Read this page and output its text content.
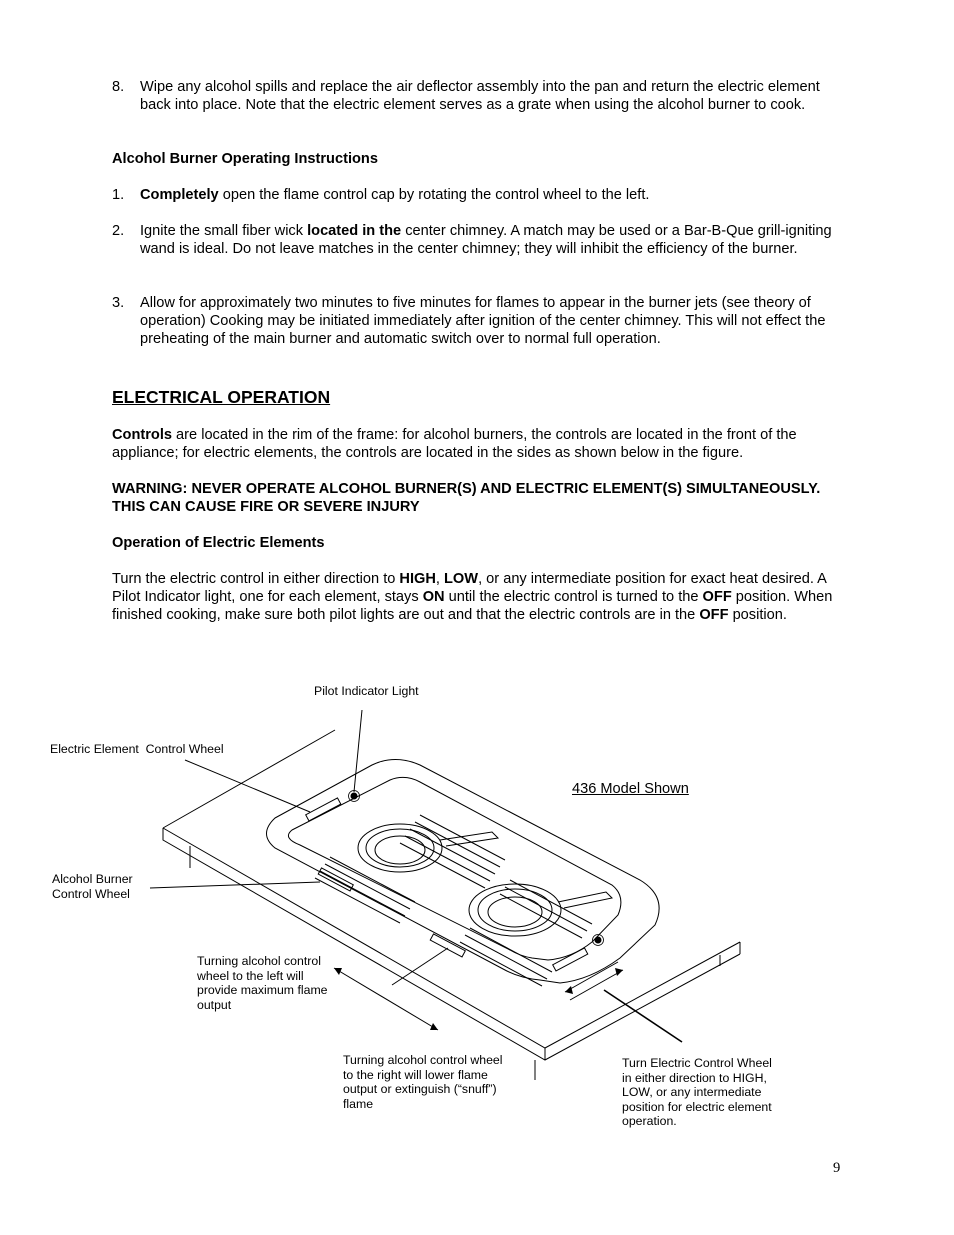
8.	Wipe any alcohol spills and replace the air deflector assembly into the pan and return the electric element back into place. Note that the electric element serves as a grate when using the alcohol burner to cook.
Alcohol Burner Operating Instructions
1.	Completely open the flame control cap by rotating the control wheel to the left.
2.	Ignite the small fiber wick located in the center chimney. A match may be used or a Bar-B-Que grill-igniting wand is ideal. Do not leave matches in the center chimney; they will inhibit the efficiency of the burner.
3.	Allow for approximately two minutes to five minutes for flames to appear in the burner jets (see theory of operation) Cooking may be initiated immediately after ignition of the center chimney. This will not effect the preheating of the main burner and automatic switch over to normal full operation.
ELECTRICAL OPERATION
Controls are located in the rim of the frame: for alcohol burners, the controls are located in the front of the appliance; for electric elements, the controls are located in the sides as shown below in the figure.
WARNING: NEVER OPERATE ALCOHOL BURNER(S) AND ELECTRIC ELEMENT(S) SIMULTANEOUSLY. THIS CAN CAUSE FIRE OR SEVERE INJURY
Operation of Electric Elements
Turn the electric control in either direction to HIGH, LOW, or any intermediate position for exact heat desired. A Pilot Indicator light, one for each element, stays ON until the electric control is turned to the OFF position. When finished cooking, make sure both pilot lights are out and that the electric controls are in the OFF position.
Pilot Indicator Light
Electric Element  Control Wheel
Alcohol Burner
Control Wheel
436 Model Shown
Turning alcohol control
wheel to the left will
provide maximum flame
output
Turning alcohol control wheel
to the right will lower flame
output or extinguish (“snuff”)
flame
Turn Electric Control Wheel
in either direction to HIGH,
LOW, or any intermediate
position for electric element
operation.
9
